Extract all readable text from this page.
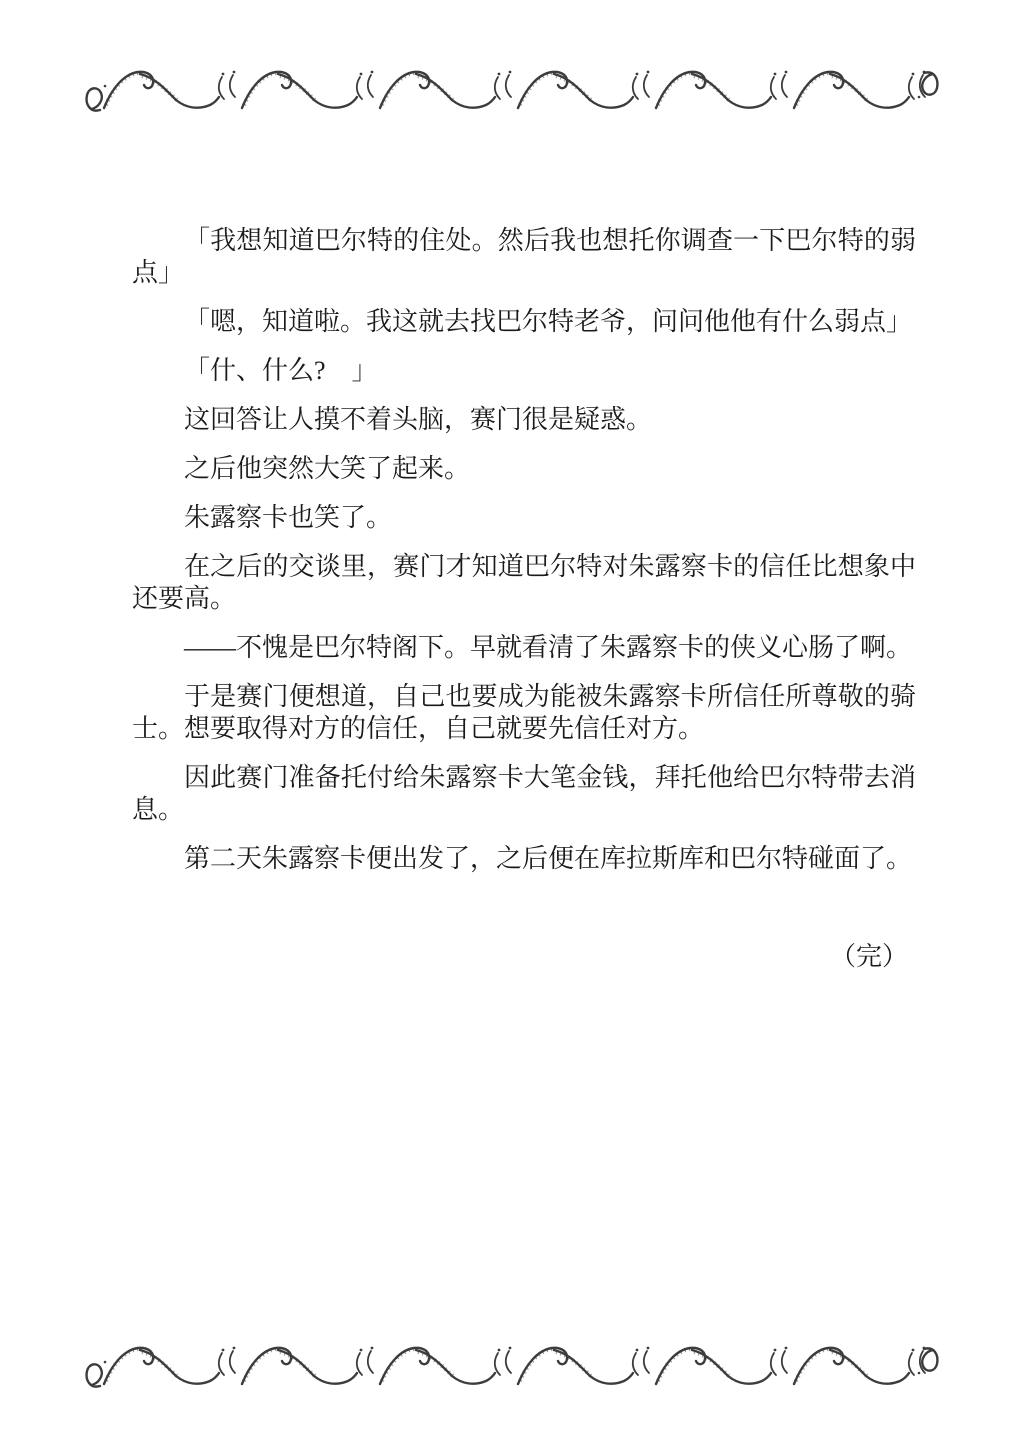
「我想知道巴尔特的住处。然后我也想托你调查一下巴尔特的弱点」

「嗯，知道啦。我这就去找巴尔特老爷，问问他他有什么弱点」

「什、什么?　」

这回答让人摸不着头脑，赛门很是疑惑。

之后他突然大笑了起来。

朱露察卡也笑了。

在之后的交谈里，赛门才知道巴尔特对朱露察卡的信任比想象中还要高。

——不愧是巴尔特阁下。早就看清了朱露察卡的侠义心肠了啊。

于是赛门便想道，自己也要成为能被朱露察卡所信任所尊敬的骑士。想要取得对方的信任，自己就要先信任对方。

因此赛门准备托付给朱露察卡大笔金钱，拜托他给巴尔特带去消息。

第二天朱露察卡便出发了，之后便在库拉斯库和巴尔特碰面了。

（完）
